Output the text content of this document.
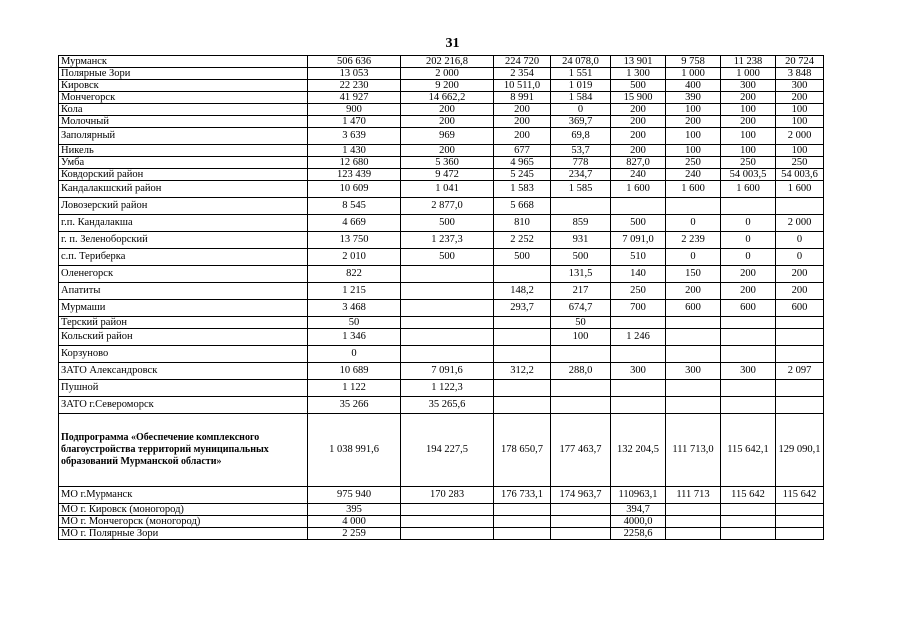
31
Мурманск	506 636	202 216,8	224 720	24 078,0	13 901	9 758	11 238	20 724
Полярные Зори	13 053	2 000	2 354	1 551	1 300	1 000	1 000	3 848
Кировск	22 230	9 200	10 511,0	1 019	500	400	300	300
Мончегорск	41 927	14 662,2	8 991	1 584	15 900	390	200	200
Кола	900	200	200	0	200	100	100	100
Молочный	1 470	200	200	369,7	200	200	200	100
Заполярный	3 639	969	200	69,8	200	100	100	2 000
Никель	1 430	200	677	53,7	200	100	100	100
Умба	12 680	5 360	4 965	778	827,0	250	250	250
Ковдорский район	123 439	9 472	5 245	234,7	240	240	54 003,5	54 003,6
Кандалакшский район	10 609	1 041	1 583	1 585	1 600	1 600	1 600	1 600
Ловозерский район	8 545	2 877,0	5 668					
г.п. Кандалакша	4 669	500	810	859	500	0	0	2 000
г. п. Зеленоборский	13 750	1 237,3	2 252	931	7 091,0	2 239	0	0
с.п. Териберка	2 010	500	500	500	510	0	0	0
Оленегорск	822			131,5	140	150	200	200
Апатиты	1 215		148,2	217	250	200	200	200
Мурмаши	3 468		293,7	674,7	700	600	600	600
Терский район	50			50				
Кольский район	1 346			100	1 246			
Корзуново	0							
ЗАТО Александровск	10 689	7 091,6	312,2	288,0	300	300	300	2 097
Пушной	1 122	1 122,3						
ЗАТО г.Североморск	35 266	35 265,6						
Подпрограмма «Обеспечение комплексного благоустройства территорий муниципальных образований Мурманской области»	1 038 991,6	194 227,5	178 650,7	177 463,7	132 204,5	111 713,0	115 642,1	129 090,1
МО г.Мурманск	975 940	170 283	176 733,1	174 963,7	110963,1	111 713	115 642	115 642
МО г. Кировск (моногород)	395				394,7			
МО г. Мончегорск (моногород)	4 000				4000,0			
МО г. Полярные Зори	2 259				2258,6			
